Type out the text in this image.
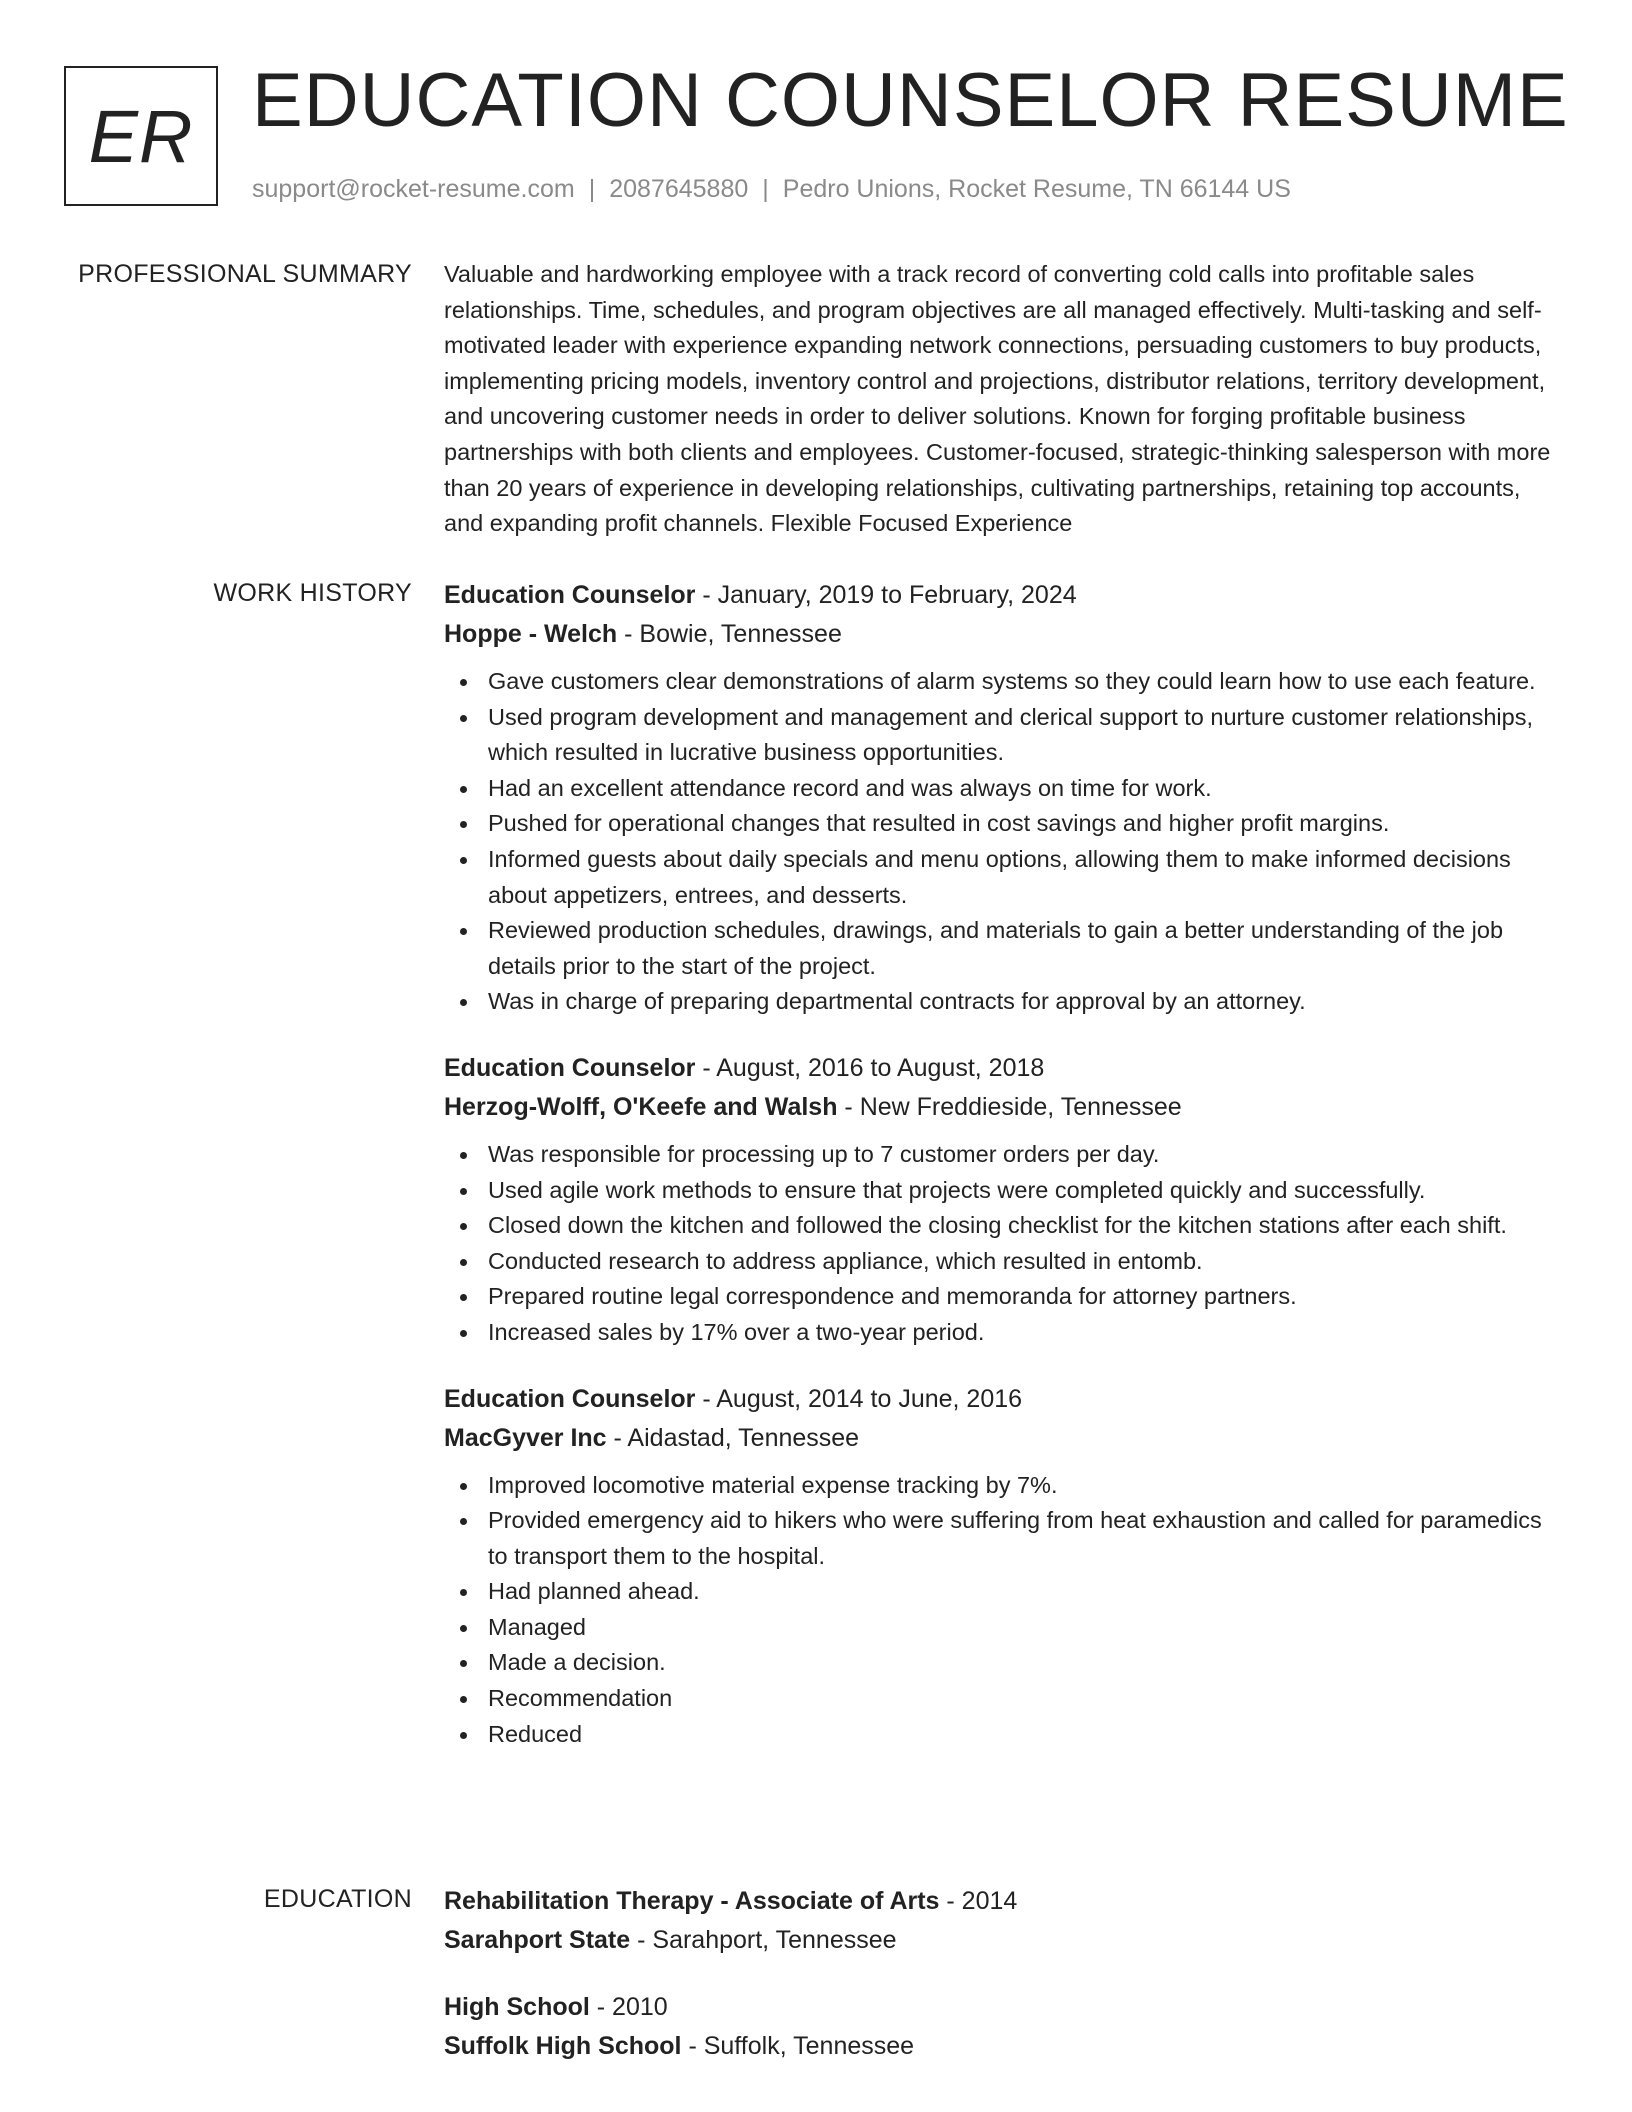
ER EDUCATION COUNSELOR RESUME
support@rocket-resume.com | 2087645880 | Pedro Unions, Rocket Resume, TN 66144 US
PROFESSIONAL SUMMARY Valuable and hardworking employee with a track record of converting cold calls into profitable sales relationships. Time, schedules, and program objectives are all managed effectively. Multi-tasking and self-motivated leader with experience expanding network connections, persuading customers to buy products, implementing pricing models, inventory control and projections, distributor relations, territory development, and uncovering customer needs in order to deliver solutions. Known for forging profitable business partnerships with both clients and employees. Customer-focused, strategic-thinking salesperson with more than 20 years of experience in developing relationships, cultivating partnerships, retaining top accounts, and expanding profit channels. Flexible Focused Experience

WORK HISTORY Education Counselor - January, 2019 to February, 2024
Hoppe - Welch - Bowie, Tennessee
Gave customers clear demonstrations of alarm systems so they could learn how to use each feature.
Used program development and management and clerical support to nurture customer relationships, which resulted in lucrative business opportunities.
Had an excellent attendance record and was always on time for work.
Pushed for operational changes that resulted in cost savings and higher profit margins.
Informed guests about daily specials and menu options, allowing them to make informed decisions about appetizers, entrees, and desserts.
Reviewed production schedules, drawings, and materials to gain a better understanding of the job details prior to the start of the project.
Was in charge of preparing departmental contracts for approval by an attorney.
Education Counselor - August, 2016 to August, 2018
Herzog-Wolff, O'Keefe and Walsh - New Freddieside, Tennessee
Was responsible for processing up to 7 customer orders per day.
Used agile work methods to ensure that projects were completed quickly and successfully.
Closed down the kitchen and followed the closing checklist for the kitchen stations after each shift.
Conducted research to address appliance, which resulted in entomb.
Prepared routine legal correspondence and memoranda for attorney partners.
Increased sales by 17% over a two-year period.
Education Counselor - August, 2014 to June, 2016
MacGyver Inc - Aidastad, Tennessee
Improved locomotive material expense tracking by 7%.
Provided emergency aid to hikers who were suffering from heat exhaustion and called for paramedics to transport them to the hospital.
Had planned ahead.
Managed
Made a decision.
Recommendation
Reduced
EDUCATION Rehabilitation Therapy - Associate of Arts - 2014
Sarahport State - Sarahport, Tennessee
High School - 2010
Suffolk High School - Suffolk, Tennessee
